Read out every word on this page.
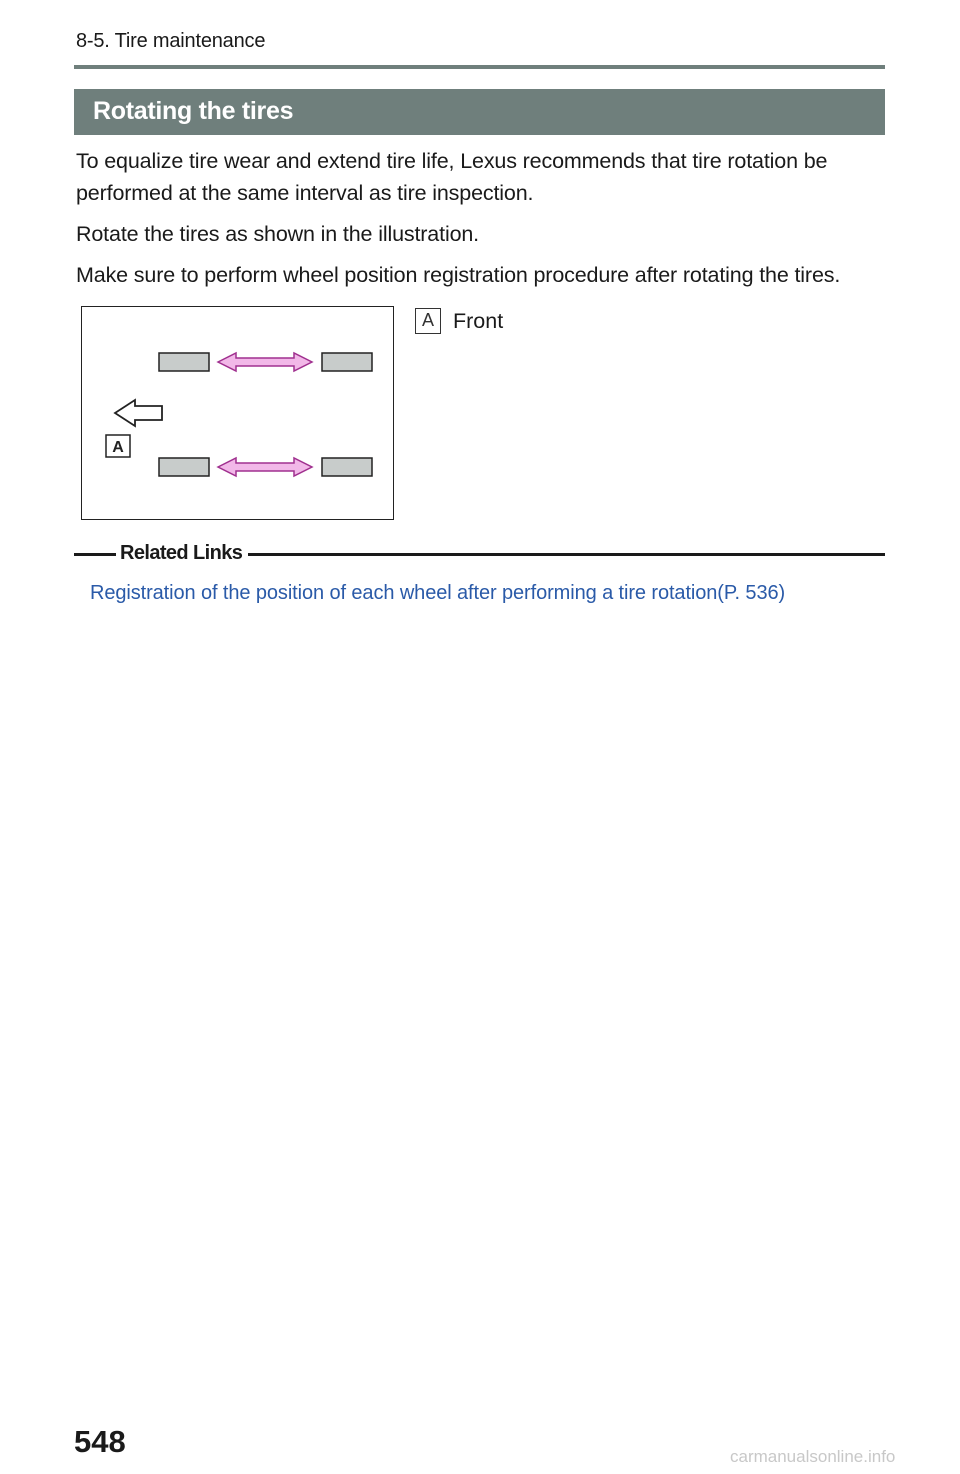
8-5. Tire maintenance
Rotating the tires

To equalize tire wear and extend tire life, Lexus recommends that tire rotation be performed at the same interval as tire inspection.

Rotate the tires as shown in the illustration.

Make sure to perform wheel position registration procedure after rotating the tires.

A
A Front
Related Links
Registration of the position of each wheel after performing a tire rotation(P. 536)
548	carmanualsonline.info
